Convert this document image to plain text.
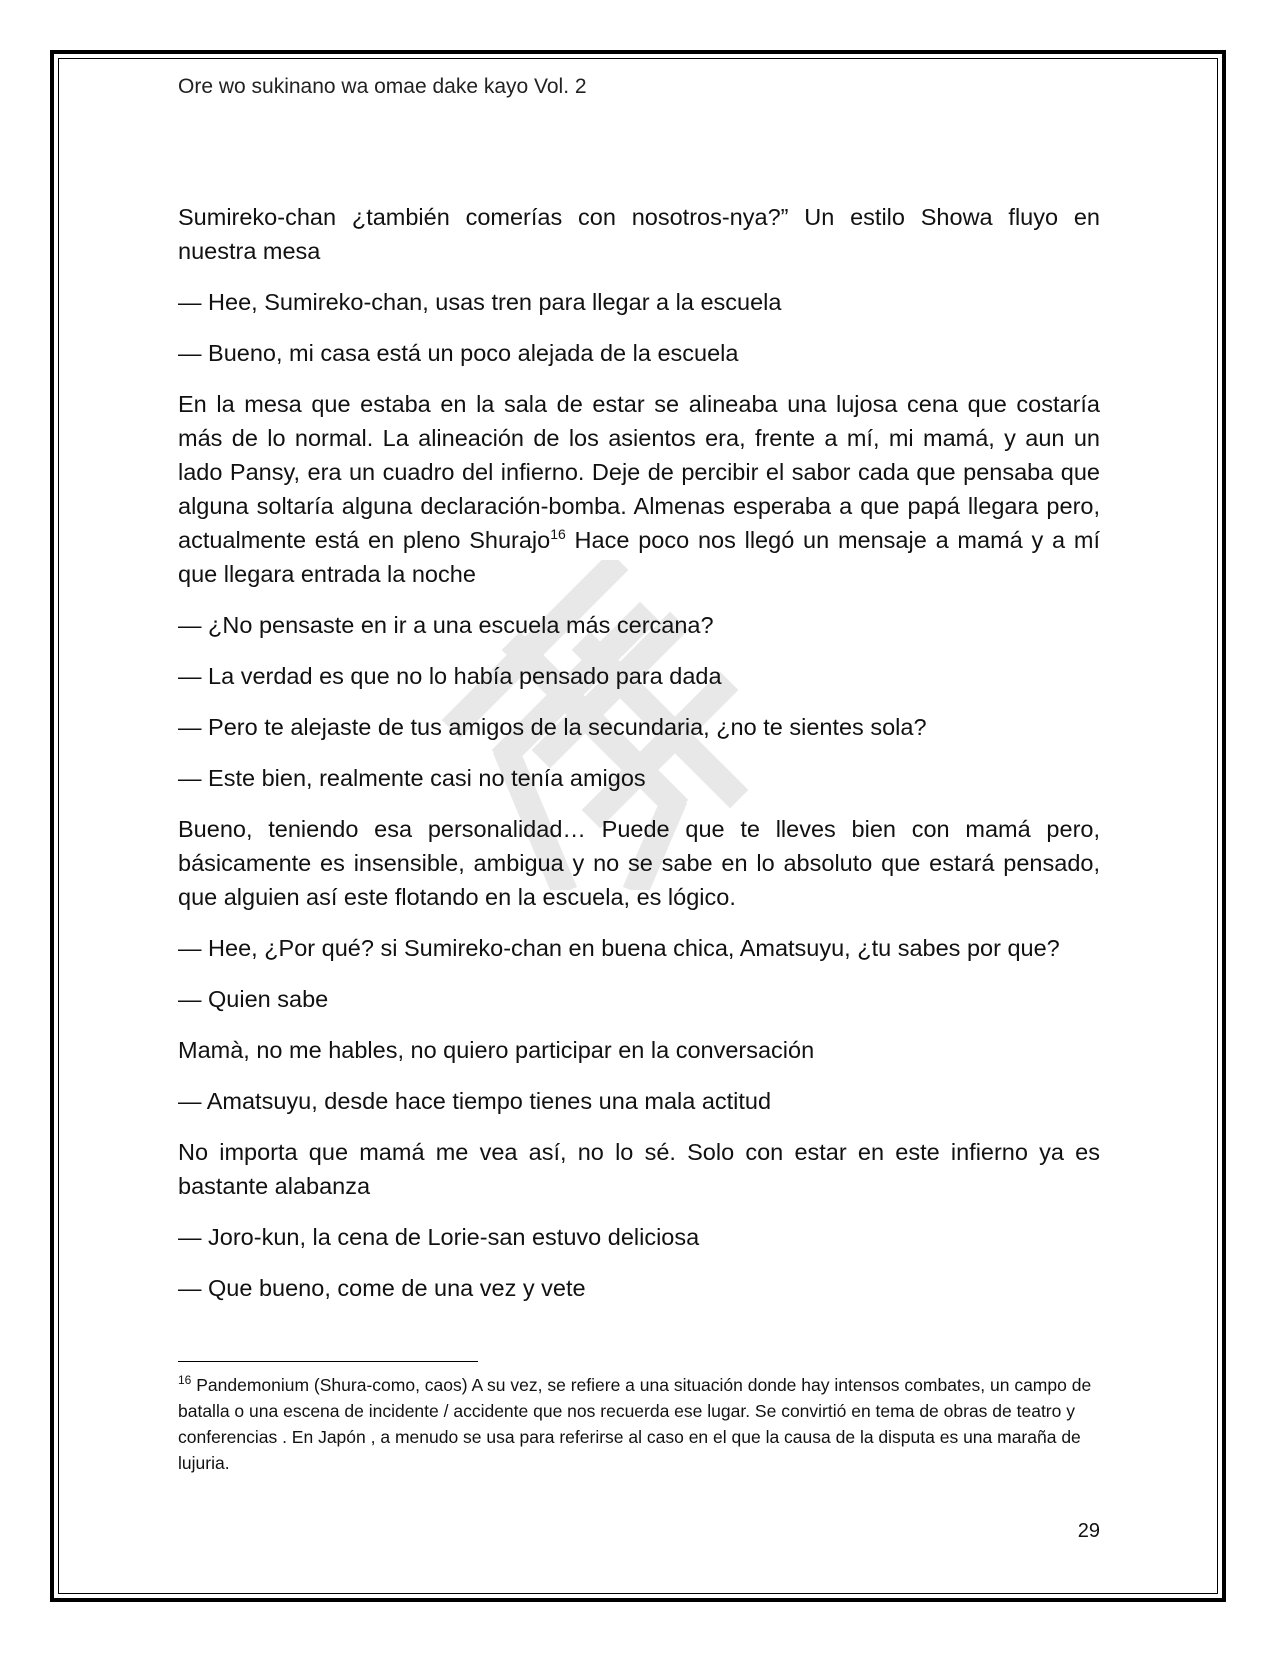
Ore wo sukinano wa omae dake kayo Vol. 2

Sumireko-chan ¿también comerías con nosotros-nya?” Un estilo Showa fluyo en nuestra mesa

— Hee, Sumireko-chan, usas tren para llegar a la escuela

— Bueno, mi casa está un poco alejada de la escuela

En la mesa que estaba en la sala de estar se alineaba una lujosa cena que costaría más de lo normal. La alineación de los asientos era, frente a mí, mi mamá, y aun un lado Pansy, era un cuadro del infierno. Deje de percibir el sabor cada que pensaba que alguna soltaría alguna declaración-bomba. Almenas esperaba a que papá llegara pero, actualmente está en pleno Shurajo$^{16}$ Hace poco nos llegó un mensaje a mamá y a mí que llegara entrada la noche

— ¿No pensaste en ir a una escuela más cercana?

— La verdad es que no lo había pensado para dada

— Pero te alejaste de tus amigos de la secundaria, ¿no te sientes sola?

— Este bien, realmente casi no tenía amigos

Bueno, teniendo esa personalidad… Puede que te lleves bien con mamá pero, básicamente es insensible, ambigua y no se sabe en lo absoluto que estará pensado, que alguien así este flotando en la escuela, es lógico.

— Hee, ¿Por qué? si Sumireko-chan en buena chica, Amatsuyu, ¿tu sabes por que?

— Quien sabe

Mamà, no me hables, no quiero participar en la conversación

— Amatsuyu, desde hace tiempo tienes una mala actitud

No importa que mamá me vea así, no lo sé. Solo con estar en este infierno ya es bastante alabanza

— Joro-kun, la cena de Lorie-san estuvo deliciosa

— Que bueno, come de una vez y vete

$^{16}$ Pandemonium (Shura-como, caos) A su vez, se refiere a una situación donde hay intensos combates, un campo de batalla o una escena de incidente / accidente que nos recuerda ese lugar. Se convirtió en tema de obras de teatro y conferencias . En Japón , a menudo se usa para referirse al caso en el que la causa de la disputa es una maraña de lujuria.
29
